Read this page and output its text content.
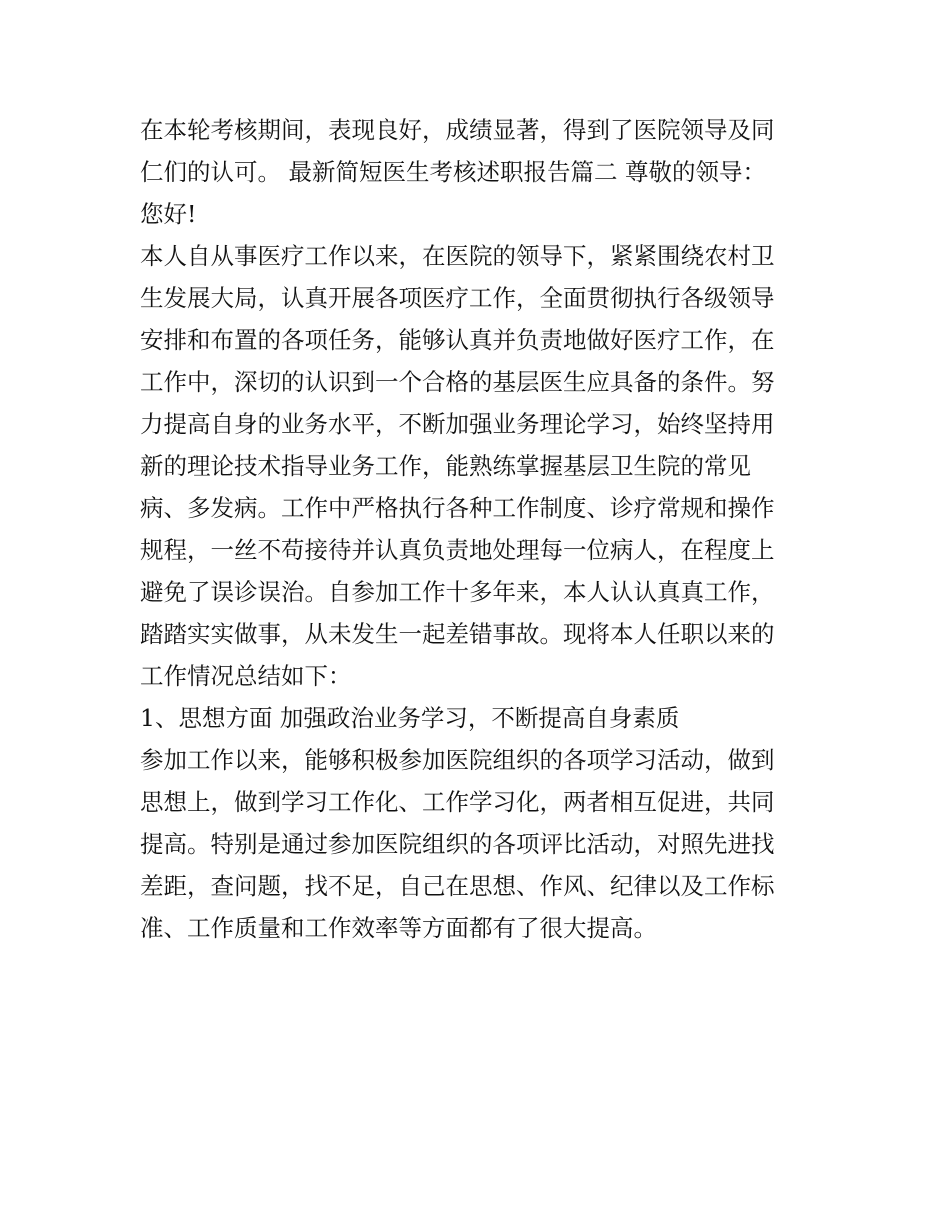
在本轮考核期间，表现良好，成绩显著，得到了医院领导及同
仁们的认可。 最新简短医生考核述职报告篇二 尊敬的领导：
您好!
本人自从事医疗工作以来，在医院的领导下，紧紧围绕农村卫
生发展大局，认真开展各项医疗工作，全面贯彻执行各级领导
安排和布置的各项任务，能够认真并负责地做好医疗工作，在
工作中，深切的认识到一个合格的基层医生应具备的条件。努
力提高自身的业务水平，不断加强业务理论学习，始终坚持用
新的理论技术指导业务工作，能熟练掌握基层卫生院的常见
病、多发病。工作中严格执行各种工作制度、诊疗常规和操作
规程，一丝不苟接待并认真负责地处理每一位病人，在程度上
避免了误诊误治。自参加工作十多年来，本人认认真真工作，
踏踏实实做事，从未发生一起差错事故。现将本人任职以来的
工作情况总结如下：
1、思想方面 加强政治业务学习，不断提高自身素质
参加工作以来，能够积极参加医院组织的各项学习活动，做到
思想上，做到学习工作化、工作学习化，两者相互促进，共同
提高。特别是通过参加医院组织的各项评比活动，对照先进找
差距，查问题，找不足，自己在思想、作风、纪律以及工作标
准、工作质量和工作效率等方面都有了很大提高。
